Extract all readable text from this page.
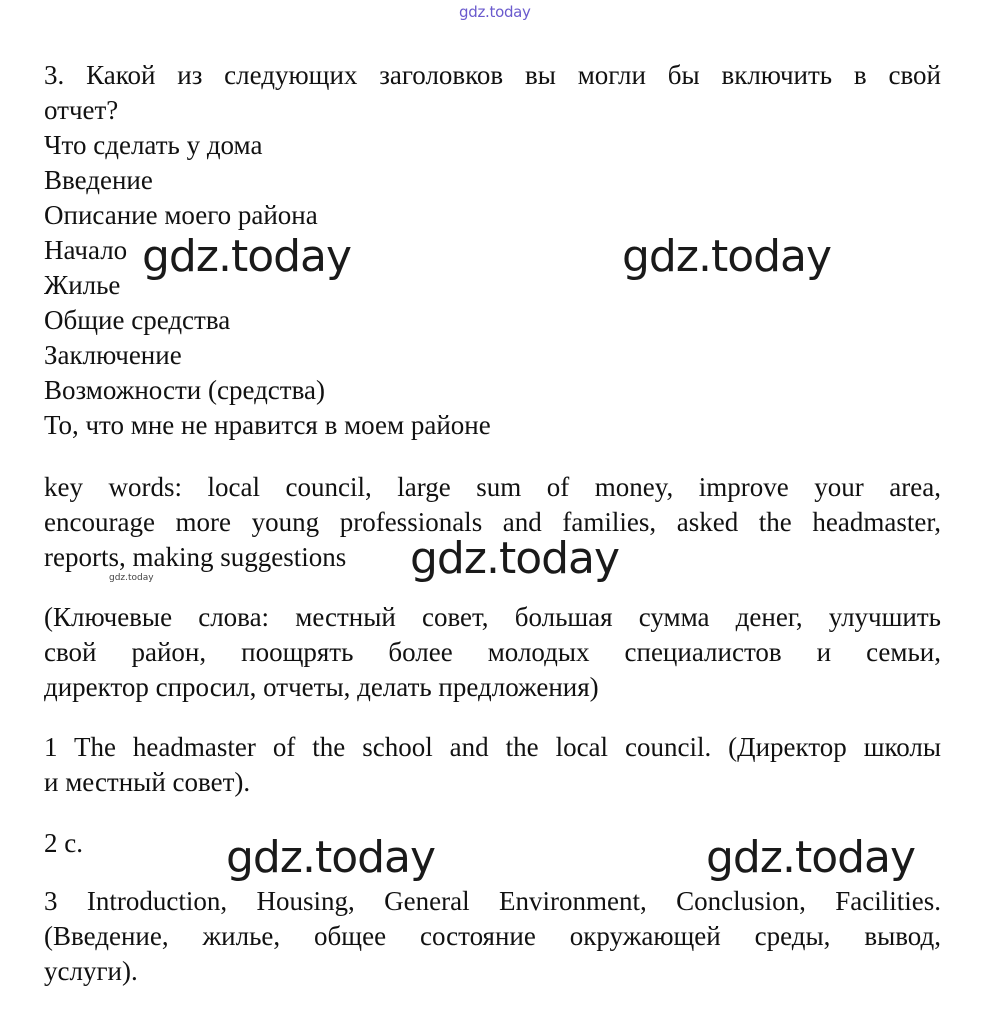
gdz.today
3. Какой из следующих заголовков вы могли бы включить в свой
отчет?
Что сделать у дома
Введение
Описание моего района
Начало
Жилье
Общие средства
Заключение
Возможности (средства)
То, что мне не нравится в моем районе
key words: local council, large sum of money, improve your area,
encourage more young professionals and families, asked the headmaster,
reports, making suggestions
(Ключевые слова: местный совет, большая сумма денег, улучшить
свой район, поощрять более молодых специалистов и семьи,
директор спросил, отчеты, делать предложения)
1 The headmaster of the school and the local council. (Директор школы
и местный совет).
2 c.
3 Introduction, Housing, General Environment, Conclusion, Facilities.
(Введение, жилье, общее состояние окружающей среды, вывод,
услуги).
gdz.today	gdz.today
gdz.today
gdz.today	gdz.today
gdz.today
